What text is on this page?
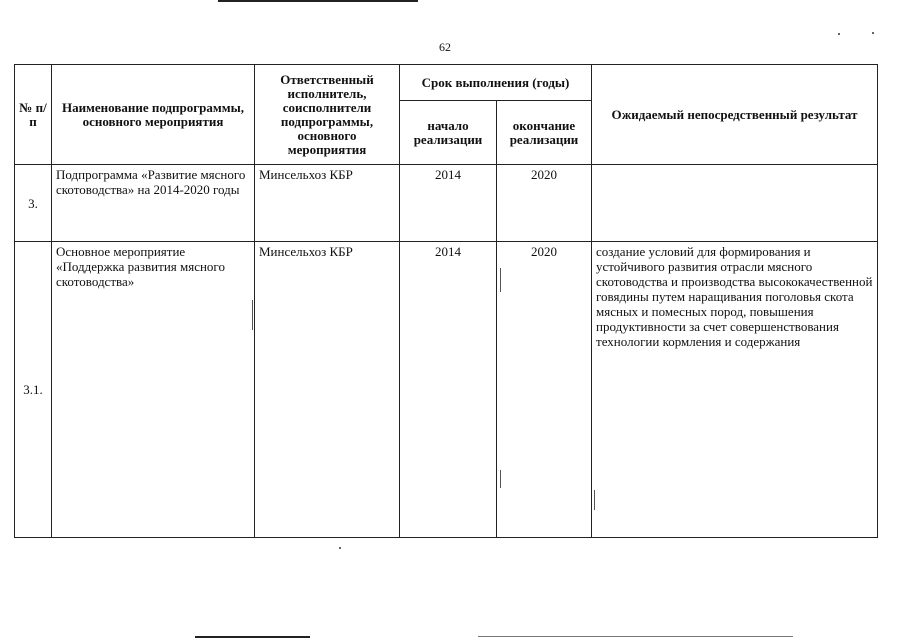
62
№ п/п	Наименование подпрограммы, основного мероприятия	Ответственный исполнитель, соисполнители подпрограммы, основного мероприятия	Срок выполнения (годы)		Ожидаемый непосредственный результат
			начало реализации	окончание реализации	
3.	Подпрограмма «Развитие мясного скотоводства» на 2014-2020 годы	Минсельхоз КБР	2014	2020	
3.1.	Основное мероприятие «Поддержка развития мясного скотоводства»	Минсельхоз КБР	2014	2020	создание условий для формирования и устойчивого развития отрасли мясного скотоводства и производства высококачественной говядины путем наращивания поголовья скота мясных и помесных пород, повышения продуктивности за счет совершенствования технологии кормления и содержания
